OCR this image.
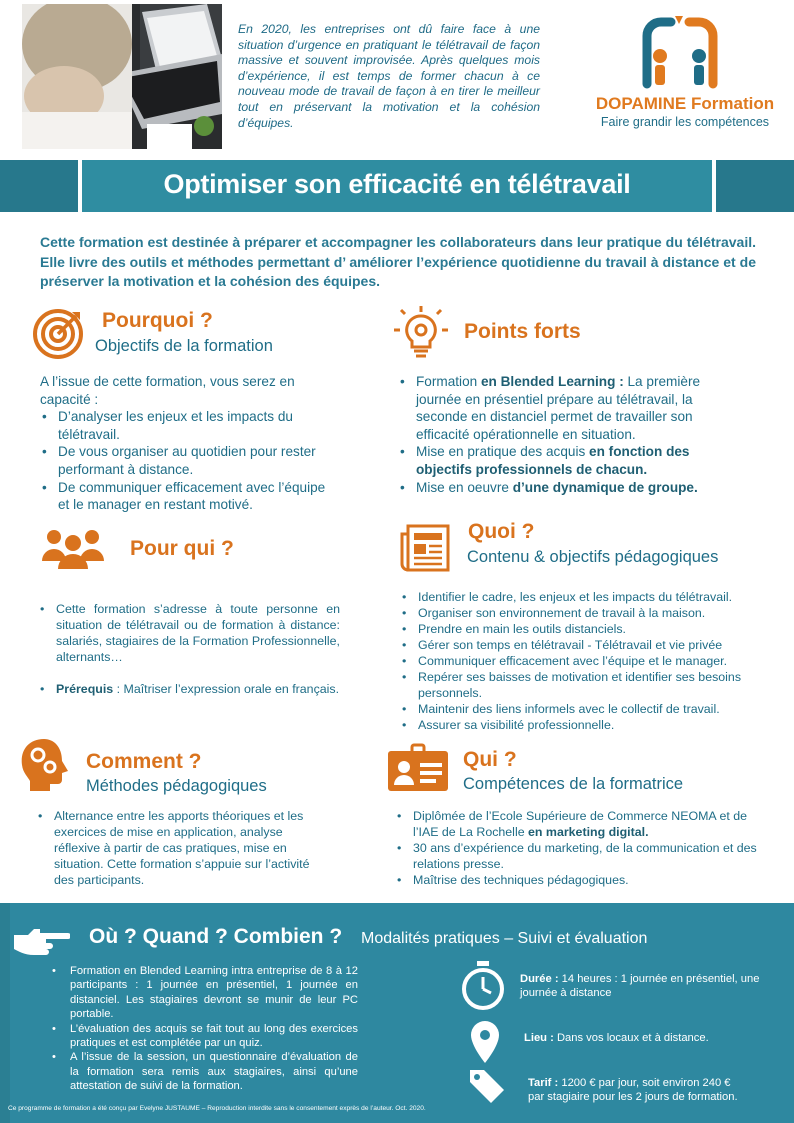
En 2020, les entreprises ont dû faire face à une situation d’urgence en pratiquant le télétravail de façon massive et souvent improvisée. Après quelques mois d’expérience, il est temps de former chacun à ce nouveau mode de travail de façon à en tirer le meilleur tout en préservant la motivation et la cohésion d’équipes.
DOPAMINE Formation
Faire grandir les compétences
Optimiser son efficacité en télétravail
Cette formation est destinée à préparer et accompagner les collaborateurs dans leur pratique du télétravail. Elle livre des outils et méthodes permettant d’ améliorer l’expérience quotidienne du travail à distance et de préserver la motivation et la cohésion des équipes.
Pourquoi ?
Objectifs de la formation
A l’issue de cette formation, vous serez en capacité :
• D’analyser les enjeux et les impacts du télétravail.
• De vous organiser au quotidien pour rester performant à distance.
• De communiquer efficacement avec l’équipe et le manager en restant motivé.
Points forts
• Formation en Blended Learning : La première journée en présentiel prépare au télétravail, la seconde en distanciel permet de travailler son efficacité opérationnelle en situation.
• Mise en pratique des acquis en fonction des objectifs professionnels de chacun.
• Mise en oeuvre d’une dynamique de groupe.
Pour qui ?
• Cette formation s’adresse à toute personne en situation de télétravail ou de formation à distance: salariés, stagiaires de la Formation Professionnelle, alternants…
• Prérequis : Maîtriser l’expression orale en français.
Quoi ?
Contenu & objectifs pédagogiques
• Identifier le cadre, les enjeux et les impacts du télétravail.
• Organiser son environnement de travail à la maison.
• Prendre en main les outils distanciels.
• Gérer son temps en télétravail - Télétravail et vie privée
• Communiquer efficacement avec l’équipe et le manager.
• Repérer ses baisses de motivation et identifier ses besoins personnels.
• Maintenir des liens informels avec le collectif de travail.
• Assurer sa visibilité professionnelle.
Comment ?
Méthodes pédagogiques
• Alternance entre les apports théoriques et les exercices de mise en application, analyse réflexive à partir de cas pratiques, mise en situation. Cette formation s’appuie sur l’activité des participants.
Qui ?
Compétences de la formatrice
• Diplômée de l’Ecole Supérieure de Commerce NEOMA et de l’IAE de La Rochelle en marketing digital.
• 30 ans d’expérience du marketing, de la communication et des relations presse.
• Maîtrise des techniques pédagogiques.
Où ? Quand ? Combien ? Modalités pratiques – Suivi et évaluation
• Formation en Blended Learning intra entreprise de 8 à 12 participants : 1 journée en présentiel, 1 journée en distanciel. Les stagiaires devront se munir de leur PC portable.
• L’évaluation des acquis se fait tout au long des exercices pratiques et est complétée par un quiz.
• A l’issue de la session, un questionnaire d’évaluation de la formation sera remis aux stagiaires, ainsi qu’une attestation de suivi de la formation.
Durée : 14 heures : 1 journée en présentiel, une journée à distance
Lieu : Dans vos locaux et à distance.
Tarif : 1200 € par jour, soit environ 240 € par stagiaire pour les 2 jours de formation.
Ce programme de formation a été conçu par Evelyne JUSTAUME – Reproduction interdite sans le consentement exprès de l’auteur. Oct. 2020.
